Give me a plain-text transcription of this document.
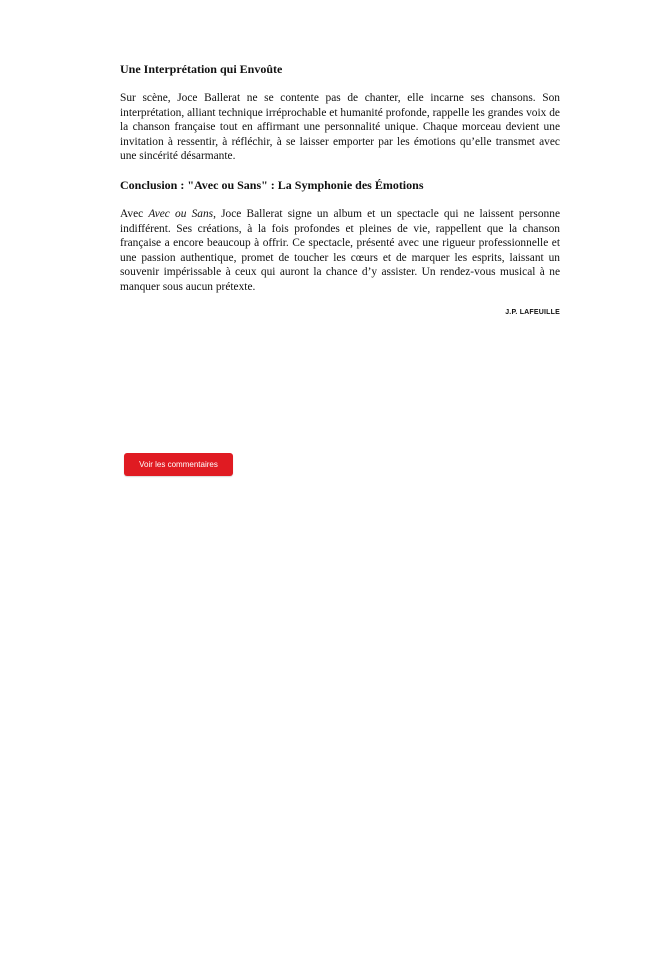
Une Interprétation qui Envoûte

Sur scène, Joce Ballerat ne se contente pas de chanter, elle incarne ses chansons. Son interprétation, alliant technique irréprochable et humanité profonde, rappelle les grandes voix de la chanson française tout en affirmant une personnalité unique. Chaque morceau devient une invitation à ressentir, à réfléchir, à se laisser emporter par les émotions qu’elle transmet avec une sincérité désarmante.

Conclusion : "Avec ou Sans" : La Symphonie des Émotions

Avec Avec ou Sans, Joce Ballerat signe un album et un spectacle qui ne laissent personne indifférent. Ses créations, à la fois profondes et pleines de vie, rappellent que la chanson française a encore beaucoup à offrir. Ce spectacle, présenté avec une rigueur professionnelle et une passion authentique, promet de toucher les cœurs et de marquer les esprits, laissant un souvenir impérissable à ceux qui auront la chance d’y assister. Un rendez-vous musical à ne manquer sous aucun prétexte.

J.P. LAFEUILLE
Voir les commentaires
